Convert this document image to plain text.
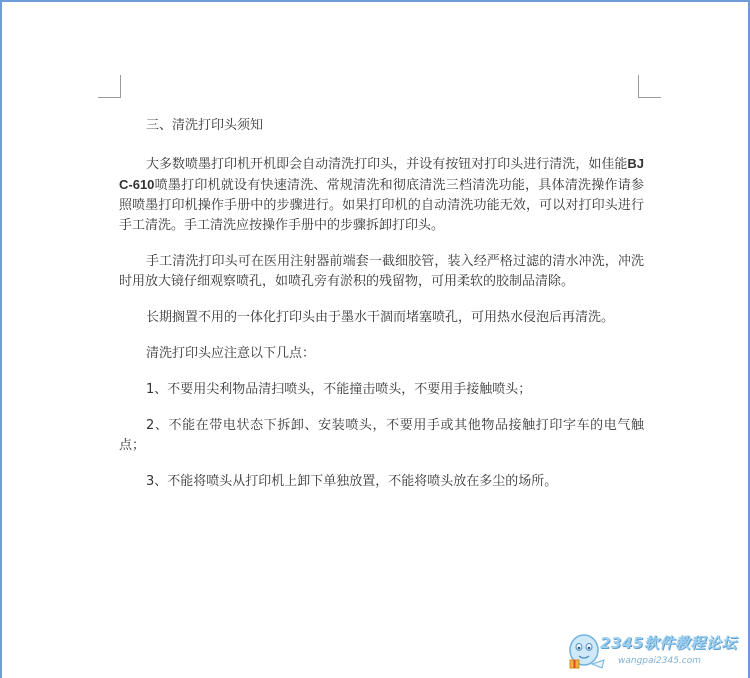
三、清洗打印头须知

大多数喷墨打印机开机即会自动清洗打印头，并设有按钮对打印头进行清洗，如佳能BJC-610喷墨打印机就设有快速清洗、常规清洗和彻底清洗三档清洗功能，具体清洗操作请参照喷墨打印机操作手册中的步骤进行。如果打印机的自动清洗功能无效，可以对打印头进行手工清洗。手工清洗应按操作手册中的步骤拆卸打印头。

手工清洗打印头可在医用注射器前端套一截细胶管，装入经严格过滤的清水冲洗，冲洗时用放大镜仔细观察喷孔，如喷孔旁有淤积的残留物，可用柔软的胶制品清除。

长期搁置不用的一体化打印头由于墨水干涸而堵塞喷孔，可用热水侵泡后再清洗。

清洗打印头应注意以下几点：

1、不要用尖利物品清扫喷头，不能撞击喷头，不要用手接触喷头；

2、不能在带电状态下拆卸、安装喷头，不要用手或其他物品接触打印字车的电气触点；

3、不能将喷头从打印机上卸下单独放置，不能将喷头放在多尘的场所。

2345软件教程论坛
wangpai2345.com
